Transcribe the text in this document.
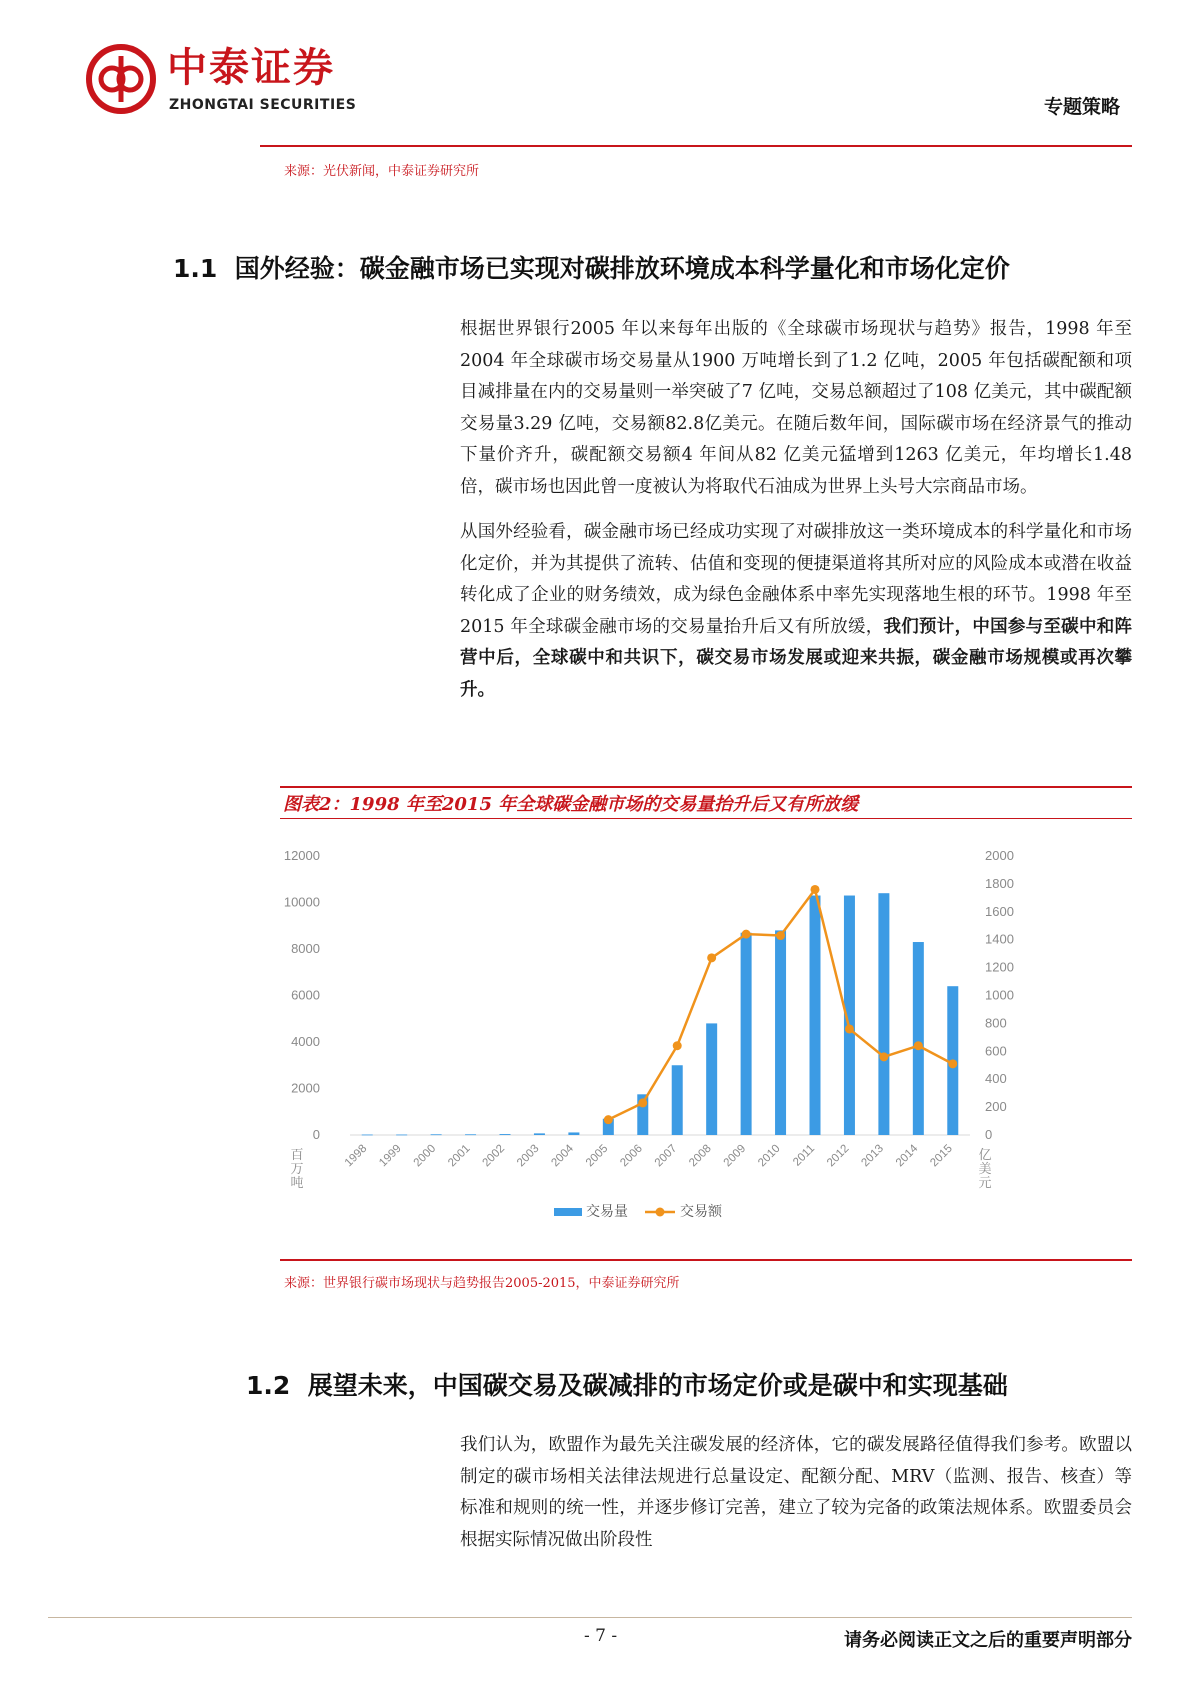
中泰证券
ZHONGTAI SECURITIES	专题策略
来源：光伏新闻，中泰证券研究所
1.1 国外经验：碳金融市场已实现对碳排放环境成本科学量化和市场化定价

根据世界银行2005 年以来每年出版的《全球碳市场现状与趋势》报告，1998 年至2004 年全球碳市场交易量从1900 万吨增长到了1.2 亿吨，2005 年包括碳配额和项目减排量在内的交易量则一举突破了7 亿吨，交易总额超过了108 亿美元，其中碳配额交易量3.29 亿吨，交易额82.8亿美元。在随后数年间，国际碳市场在经济景气的推动下量价齐升，碳配额交易额4 年间从82 亿美元猛增到1263 亿美元，年均增长1.48 倍，碳市场也因此曾一度被认为将取代石油成为世界上头号大宗商品市场。

从国外经验看，碳金融市场已经成功实现了对碳排放这一类环境成本的科学量化和市场化定价，并为其提供了流转、估值和变现的便捷渠道将其所对应的风险成本或潜在收益转化成了企业的财务绩效，成为绿色金融体系中率先实现落地生根的环节。1998 年至 2015 年全球碳金融市场的交易量抬升后又有所放缓，我们预计，中国参与至碳中和阵营中后，全球碳中和共识下，碳交易市场发展或迎来共振，碳金融市场规模或再次攀升。

图表2：1998 年至2015 年全球碳金融市场的交易量抬升后又有所放缓
0
2000
4000
6000
8000
10000
12000
0
200
400
600
800
1000
1200
1400
1600
1800
2000
1998 1999 2000 2001 2002 2003 2004 2005 2006 2007 2008 2009 2010 2011 2012 2013 2014 2015
百
万
吨
亿
美
元
交易量	交易额
来源：世界银行碳市场现状与趋势报告2005-2015，中泰证券研究所
1.2 展望未来，中国碳交易及碳减排的市场定价或是碳中和实现基础

我们认为，欧盟作为最先关注碳发展的经济体，它的碳发展路径值得我们参考。欧盟以制定的碳市场相关法律法规进行总量设定、配额分配、MRV（监测、报告、核查）等标准和规则的统一性，并逐步修订完善，建立了较为完备的政策法规体系。欧盟委员会根据实际情况做出阶段性

- 7 -	请务必阅读正文之后的重要声明部分
